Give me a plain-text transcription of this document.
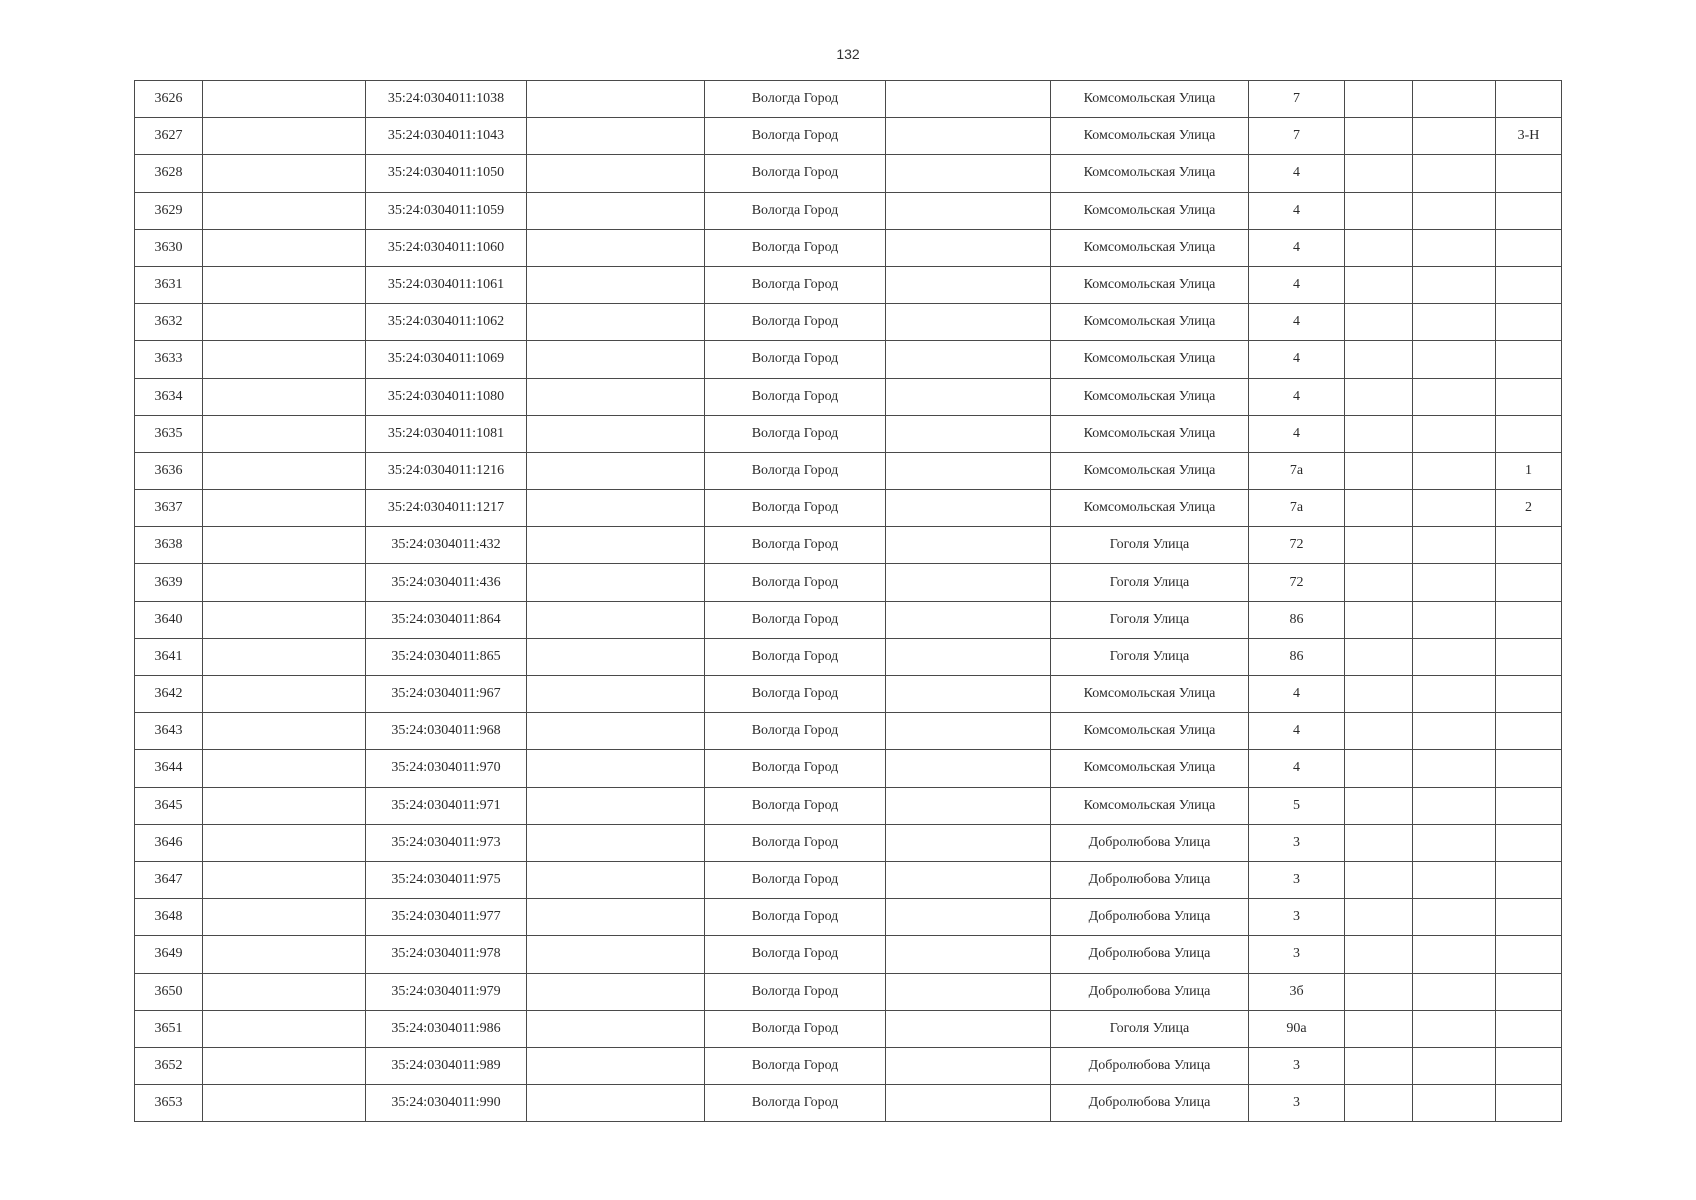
132
3626		35:24:0304011:1038		Вологда Город		Комсомольская Улица	7			
3627		35:24:0304011:1043		Вологда Город		Комсомольская Улица	7			3-Н
3628		35:24:0304011:1050		Вологда Город		Комсомольская Улица	4			
3629		35:24:0304011:1059		Вологда Город		Комсомольская Улица	4			
3630		35:24:0304011:1060		Вологда Город		Комсомольская Улица	4			
3631		35:24:0304011:1061		Вологда Город		Комсомольская Улица	4			
3632		35:24:0304011:1062		Вологда Город		Комсомольская Улица	4			
3633		35:24:0304011:1069		Вологда Город		Комсомольская Улица	4			
3634		35:24:0304011:1080		Вологда Город		Комсомольская Улица	4			
3635		35:24:0304011:1081		Вологда Город		Комсомольская Улица	4			
3636		35:24:0304011:1216		Вологда Город		Комсомольская Улица	7а			1
3637		35:24:0304011:1217		Вологда Город		Комсомольская Улица	7а			2
3638		35:24:0304011:432		Вологда Город		Гоголя Улица	72			
3639		35:24:0304011:436		Вологда Город		Гоголя Улица	72			
3640		35:24:0304011:864		Вологда Город		Гоголя Улица	86			
3641		35:24:0304011:865		Вологда Город		Гоголя Улица	86			
3642		35:24:0304011:967		Вологда Город		Комсомольская Улица	4			
3643		35:24:0304011:968		Вологда Город		Комсомольская Улица	4			
3644		35:24:0304011:970		Вологда Город		Комсомольская Улица	4			
3645		35:24:0304011:971		Вологда Город		Комсомольская Улица	5			
3646		35:24:0304011:973		Вологда Город		Добролюбова Улица	3			
3647		35:24:0304011:975		Вологда Город		Добролюбова Улица	3			
3648		35:24:0304011:977		Вологда Город		Добролюбова Улица	3			
3649		35:24:0304011:978		Вологда Город		Добролюбова Улица	3			
3650		35:24:0304011:979		Вологда Город		Добролюбова Улица	3б			
3651		35:24:0304011:986		Вологда Город		Гоголя Улица	90а			
3652		35:24:0304011:989		Вологда Город		Добролюбова Улица	3			
3653		35:24:0304011:990		Вологда Город		Добролюбова Улица	3			
